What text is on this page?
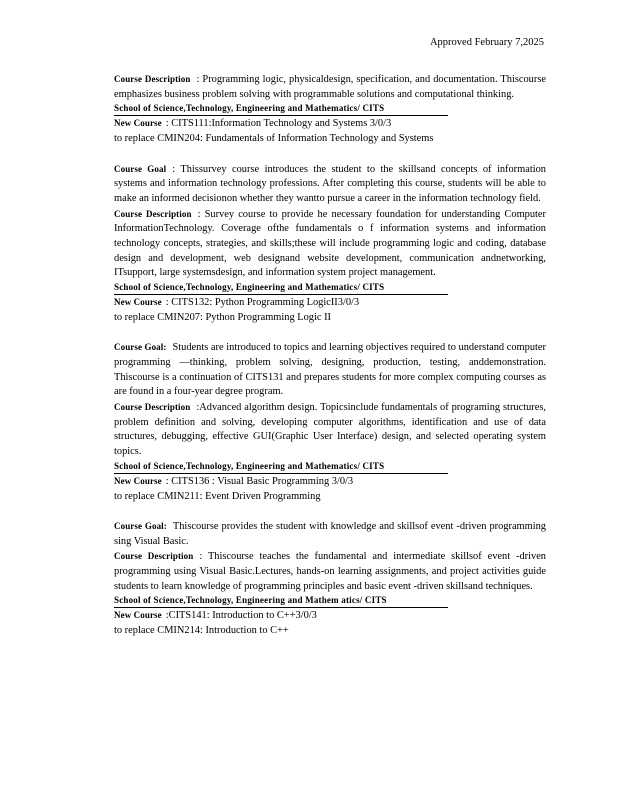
Approved February 7,2025

Course Description : Programming logic, physicaldesign, specification, and documentation. Thiscourse emphasizes business problem solving with programmable solutions and computational thinking.

School of Science,Technology, Engineering and Mathematics/ CITS

New Course : CITS111:Information Technology and Systems 3/0/3

to replace CMIN204: Fundamentals of Information Technology and Systems

Course Goal : Thissurvey course introduces the student to the skillsand concepts of information systems and information technology professions. After completing this course, students will be able to make an informed decisionon whether they wantto pursue a career in the information technology field.

Course Description : Survey course to provide he necessary foundation for understanding Computer InformationTechnology. Coverage ofthe fundamentals o f information systems and information technology concepts, strategies, and skills;these will include programming logic and coding, database design and development, web designand website development, communication andnetworking, ITsupport, large systemsdesign, and information system project management.

School of Science,Technology, Engineering and Mathematics/ CITS

New Course : CITS132: Python Programming LogicII3/0/3

to replace CMIN207: Python Programming Logic II

Course Goal: Students are introduced to topics and learning objectives required to understand computer programming —thinking, problem solving, designing, production, testing, anddemonstration. Thiscourse is a continuation of CITS131 and prepares students for more complex computing courses as are found in a four-year degree program.

Course Description :Advanced algorithm design. Topicsinclude fundamentals of programing structures, problem definition and solving, developing computer algorithms, identification and use of data structures, debugging, effective GUI(Graphic User Interface) design, and selected operating system topics.

School of Science,Technology, Engineering and Mathematics/ CITS

New Course : CITS136 : Visual Basic Programming 3/0/3

to replace CMIN211: Event Driven Programming

Course Goal: Thiscourse provides the student with knowledge and skillsof event -driven programming sing Visual Basic.

Course Description : Thiscourse teaches the fundamental and intermediate skillsof event -driven programming using Visual Basic.Lectures, hands-on learning assignments, and project activities guide students to learn knowledge of programming principles and basic event -driven skillsand techniques.

School of Science,Technology, Engineering and Mathem atics/ CITS

New Course :CITS141: Introduction to C++3/0/3

to replace CMIN214: Introduction to C++
